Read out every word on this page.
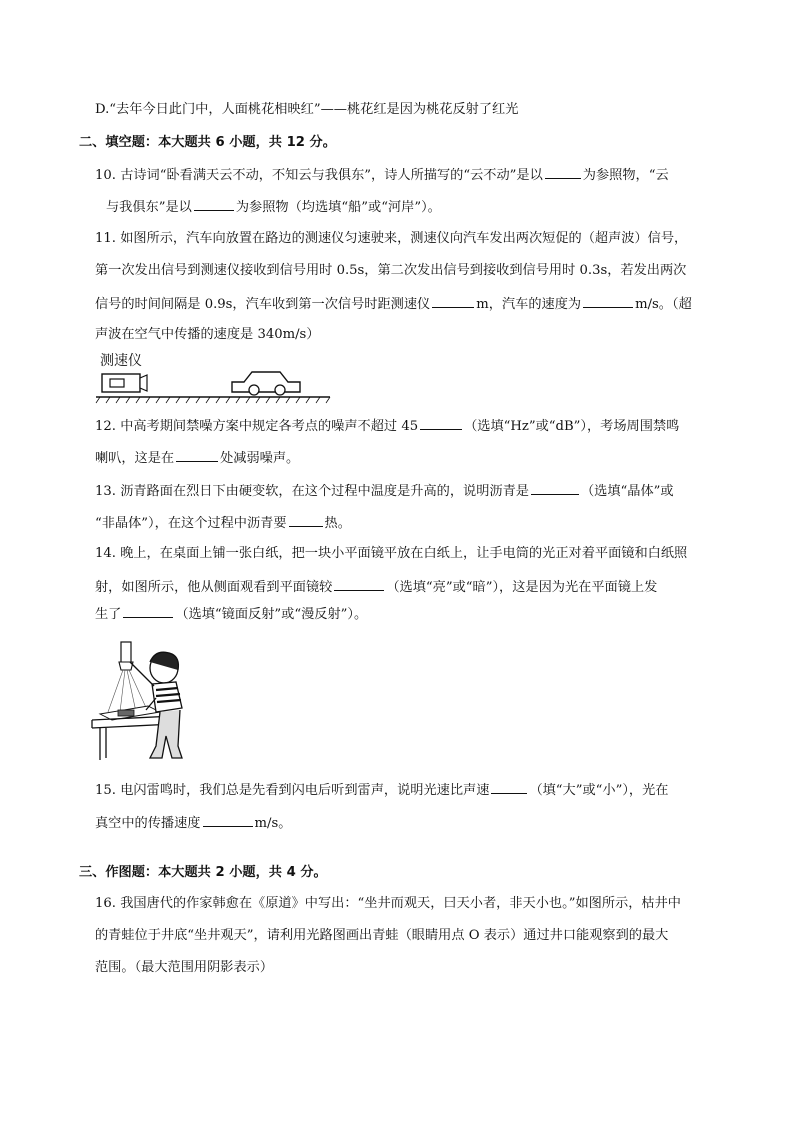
D.“去年今日此门中，人面桃花相映红”——桃花红是因为桃花反射了红光
二、填空题：本大题共 6 小题，共 12 分。
10. 古诗词“卧看满天云不动，不知云与我俱东”，诗人所描写的“云不动”是以	为参照物，“云
与我俱东”是以	为参照物（均选填“船”或“河岸”）。
11. 如图所示，汽车向放置在路边的测速仪匀速驶来，测速仪向汽车发出两次短促的（超声波）信号，
第一次发出信号到测速仪接收到信号用时 0.5s，第二次发出信号到接收到信号用时 0.3s，若发出两次
信号的时间间隔是 0.9s，汽车收到第一次信号时距测速仪	m，汽车的速度为	m/s。（超
声波在空气中传播的速度是 340m/s）
测速仪
12. 中高考期间禁噪方案中规定各考点的噪声不超过 45	（选填“Hz”或“dB”），考场周围禁鸣
喇叭，这是在	处减弱噪声。
13. 沥青路面在烈日下由硬变软，在这个过程中温度是升高的，说明沥青是	（选填“晶体”或
“非晶体”），在这个过程中沥青要	热。
14. 晚上，在桌面上铺一张白纸，把一块小平面镜平放在白纸上，让手电筒的光正对着平面镜和白纸照
射，如图所示，他从侧面观看到平面镜较	（选填“亮”或“暗”），这是因为光在平面镜上发
生了	（选填“镜面反射”或“漫反射”）。
15. 电闪雷鸣时，我们总是先看到闪电后听到雷声，说明光速比声速	（填“大”或“小”），光在
真空中的传播速度	m/s。
三、作图题：本大题共 2 小题，共 4 分。
16. 我国唐代的作家韩愈在《原道》中写出：“坐井而观天，曰天小者，非天小也。”如图所示，枯井中
的青蛙位于井底“坐井观天”，请利用光路图画出青蛙（眼睛用点 O 表示）通过井口能观察到的最大
范围。（最大范围用阴影表示）
